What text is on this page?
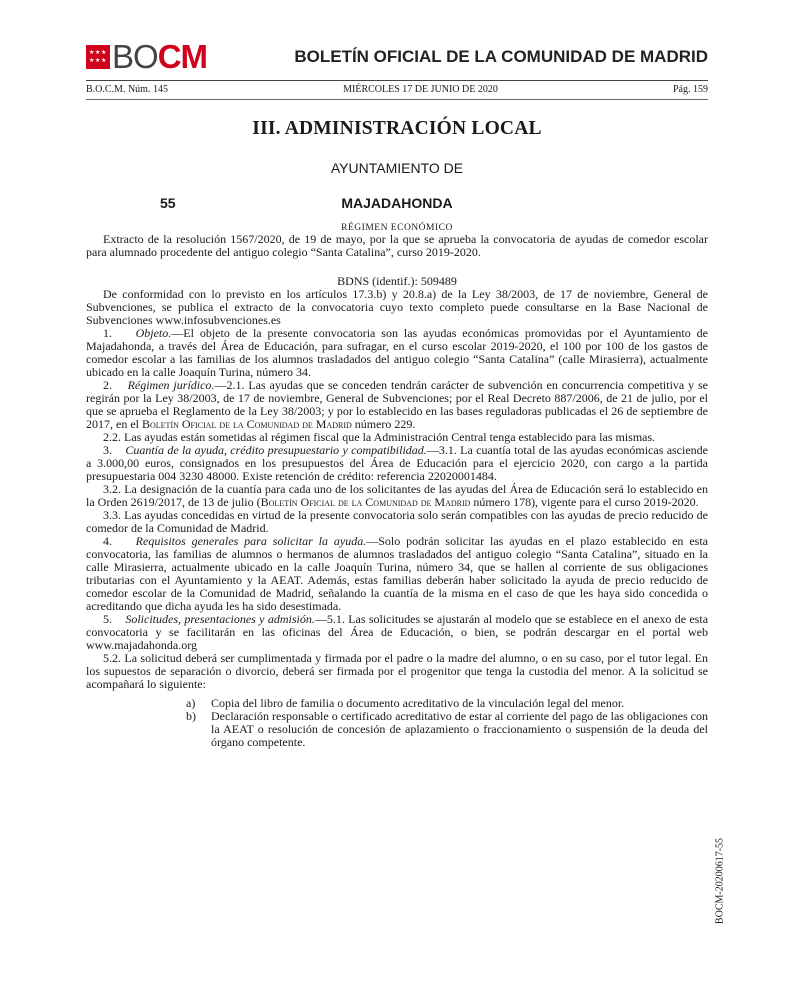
★ ★ ★
★ ★ ★ BOCM	BOLETÍN OFICIAL DE LA COMUNIDAD DE MADRID
B.O.C.M. Núm. 145	MIÉRCOLES 17 DE JUNIO DE 2020	Pág. 159
III. ADMINISTRACIÓN LOCAL
AYUNTAMIENTO DE
55	MAJADAHONDA
RÉGIMEN ECONÓMICO

Extracto de la resolución 1567/2020, de 19 de mayo, por la que se aprueba la convocatoria de ayudas de comedor escolar para alumnado procedente del antiguo colegio “Santa Catalina”, curso 2019-2020.

BDNS (identif.): 509489

De conformidad con lo previsto en los artículos 17.3.b) y 20.8.a) de la Ley 38/2003, de 17 de noviembre, General de Subvenciones, se publica el extracto de la convocatoria cuyo texto completo puede consultarse en la Base Nacional de Subvenciones www.infosubvenciones.es

1. Objeto.—El objeto de la presente convocatoria son las ayudas económicas promovidas por el Ayuntamiento de Majadahonda, a través del Área de Educación, para sufragar, en el curso escolar 2019-2020, el 100 por 100 de los gastos de comedor escolar a las familias de los alumnos trasladados del antiguo colegio “Santa Catalina” (calle Mirasierra), actualmente ubicado en la calle Joaquín Turina, número 34.

2. Régimen jurídico.—2.1. Las ayudas que se conceden tendrán carácter de subvención en concurrencia competitiva y se regirán por la Ley 38/2003, de 17 de noviembre, General de Subvenciones; por el Real Decreto 887/2006, de 21 de julio, por el que se aprueba el Reglamento de la Ley 38/2003; y por lo establecido en las bases reguladoras publicadas el 26 de septiembre de 2017, en el Boletín Oficial de la Comunidad de Madrid número 229.

2.2. Las ayudas están sometidas al régimen fiscal que la Administración Central tenga establecido para las mismas.

3. Cuantía de la ayuda, crédito presupuestario y compatibilidad.—3.1. La cuantía total de las ayudas económicas asciende a 3.000,00 euros, consignados en los presupuestos del Área de Educación para el ejercicio 2020, con cargo a la partida presupuestaria 004 3230 48000. Existe retención de crédito: referencia 22020001484.

3.2. La designación de la cuantía para cada uno de los solicitantes de las ayudas del Área de Educación será lo establecido en la Orden 2619/2017, de 13 de julio (Boletín Oficial de la Comunidad de Madrid número 178), vigente para el curso 2019-2020.

3.3. Las ayudas concedidas en virtud de la presente convocatoria solo serán compatibles con las ayudas de precio reducido de comedor de la Comunidad de Madrid.

4. Requisitos generales para solicitar la ayuda.—Solo podrán solicitar las ayudas en el plazo establecido en esta convocatoria, las familias de alumnos o hermanos de alumnos trasladados del antiguo colegio “Santa Catalina”, situado en la calle Mirasierra, actualmente ubicado en la calle Joaquín Turina, número 34, que se hallen al corriente de sus obligaciones tributarias con el Ayuntamiento y la AEAT. Además, estas familias deberán haber solicitado la ayuda de precio reducido de comedor escolar de la Comunidad de Madrid, señalando la cuantía de la misma en el caso de que les haya sido concedida o acreditando que dicha ayuda les ha sido desestimada.

5. Solicitudes, presentaciones y admisión.—5.1. Las solicitudes se ajustarán al modelo que se establece en el anexo de esta convocatoria y se facilitarán en las oficinas del Área de Educación, o bien, se podrán descargar en el portal web www.majadahonda.org

5.2. La solicitud deberá ser cumplimentada y firmada por el padre o la madre del alumno, o en su caso, por el tutor legal. En los supuestos de separación o divorcio, deberá ser firmada por el progenitor que tenga la custodia del menor. A la solicitud se acompañará lo siguiente:

a) Copia del libro de familia o documento acreditativo de la vinculación legal del menor.
b) Declaración responsable o certificado acreditativo de estar al corriente del pago de las obligaciones con la AEAT o resolución de concesión de aplazamiento o fraccionamiento o suspensión de la deuda del órgano competente.
BOCM-20200617-55
